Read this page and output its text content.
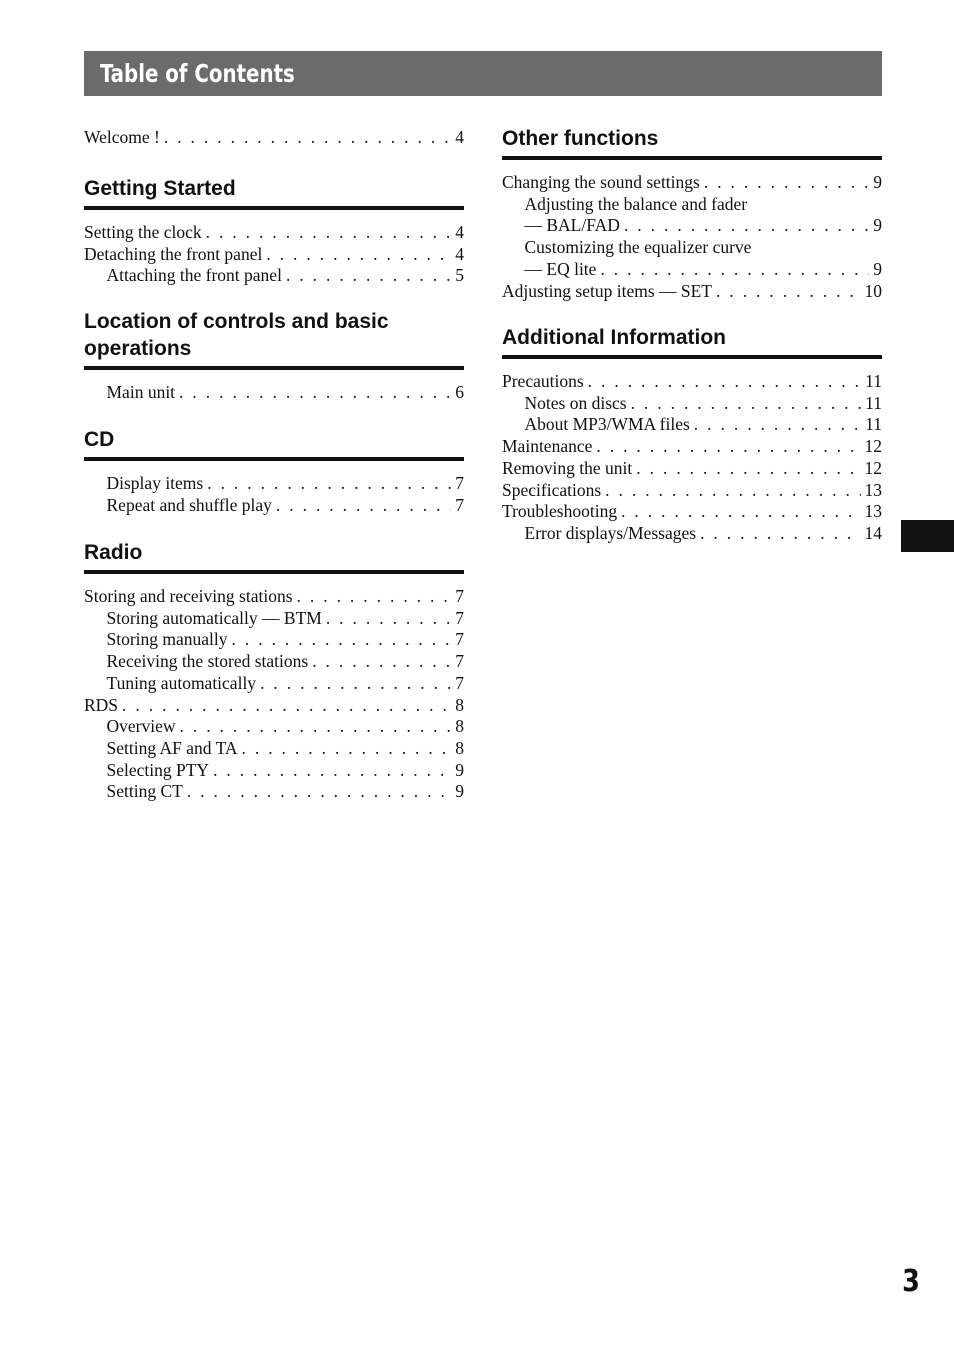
Table of Contents
Welcome ! . . .	4
Getting Started
Setting the clock . . .	4
Detaching the front panel . . .	4
Attaching the front panel . . .	5
Location of controls and basic
operations
Main unit . . .	6
CD
Display items . . .	7
Repeat and shuffle play . . .	7
Radio
Storing and receiving stations . . .	7
Storing automatically — BTM . . .	7
Storing manually . . .	7
Receiving the stored stations . . .	7
Tuning automatically . . .	7
RDS . . .	8
Overview . . .	8
Setting AF and TA . . .	8
Selecting PTY . . .	9
Setting CT . . .	9
Other functions
Changing the sound settings . . .	9
Adjusting the balance and fader
— BAL/FAD . . .	9
Customizing the equalizer curve
— EQ lite . . .	9
Adjusting setup items — SET . . .	10
Additional Information
Precautions . . .	11
Notes on discs . . .	11
About MP3/WMA files . . .	11
Maintenance . . .	12
Removing the unit . . .	12
Specifications . . .	13
Troubleshooting . . .	13
Error displays/Messages . . .	14
3
